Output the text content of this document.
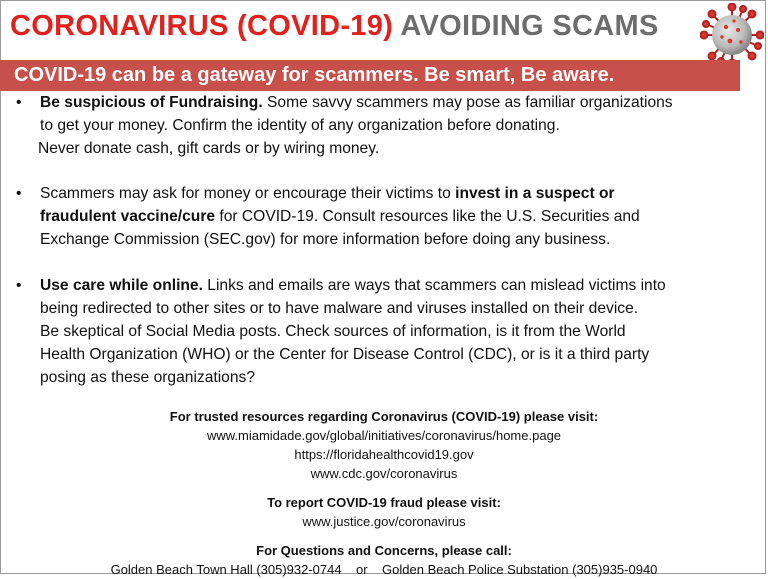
CORONAVIRUS (COVID-19) AVOIDING SCAMS
COVID-19 can be a gateway for scammers. Be smart, Be aware.
• Be suspicious of Fundraising. Some savvy scammers may pose as familiar organizations
to get your money. Confirm the identity of any organization before donating.
Never donate cash, gift cards or by wiring money.
• Scammers may ask for money or encourage their victims to invest in a suspect or
fraudulent vaccine/cure for COVID-19. Consult resources like the U.S. Securities and
Exchange Commission (SEC.gov) for more information before doing any business.
• Use care while online. Links and emails are ways that scammers can mislead victims into
being redirected to other sites or to have malware and viruses installed on their device.
Be skeptical of Social Media posts. Check sources of information, is it from the World
Health Organization (WHO) or the Center for Disease Control (CDC), or is it a third party
posing as these organizations?
For trusted resources regarding Coronavirus (COVID-19) please visit:
www.miamidade.gov/global/initiatives/coronavirus/home.page
https://floridahealthcovid19.gov
www.cdc.gov/coronavirus
To report COVID-19 fraud please visit:
www.justice.gov/coronavirus
For Questions and Concerns, please call:
Golden Beach Town Hall (305)932-0744    or    Golden Beach Police Substation (305)935-0940
